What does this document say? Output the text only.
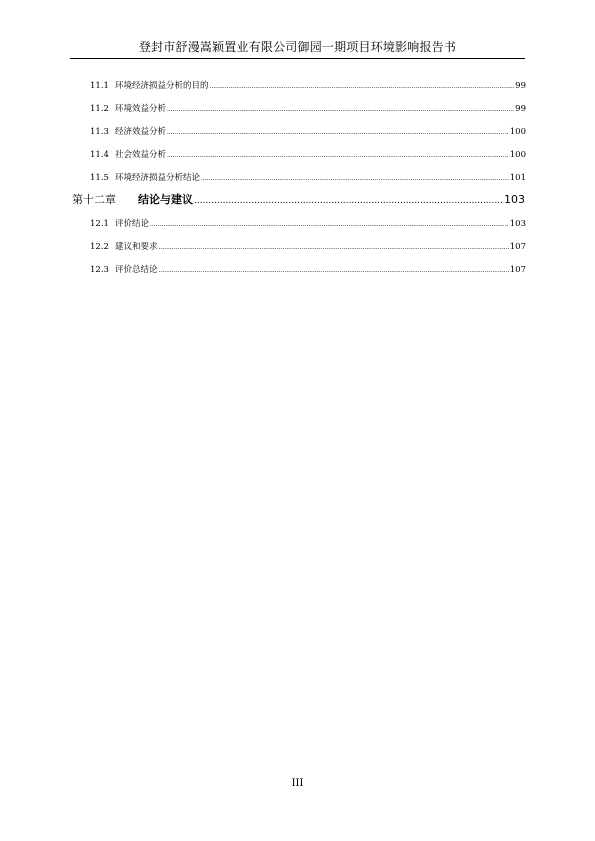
登封市舒漫嵩颖置业有限公司御园一期项目环境影响报告书
11.1 环境经济损益分析的目的 .....	99
11.2 环境效益分析 .....	99
11.3 经济效益分析 .....	100
11.4 社会效益分析 .....	100
11.5 环境经济损益分析结论 .....	101
第十二章 结论与建议 .....	103
12.1 评价结论 .....	103
12.2 建议和要求 .....	107
12.3 评价总结论 .....	107
III
